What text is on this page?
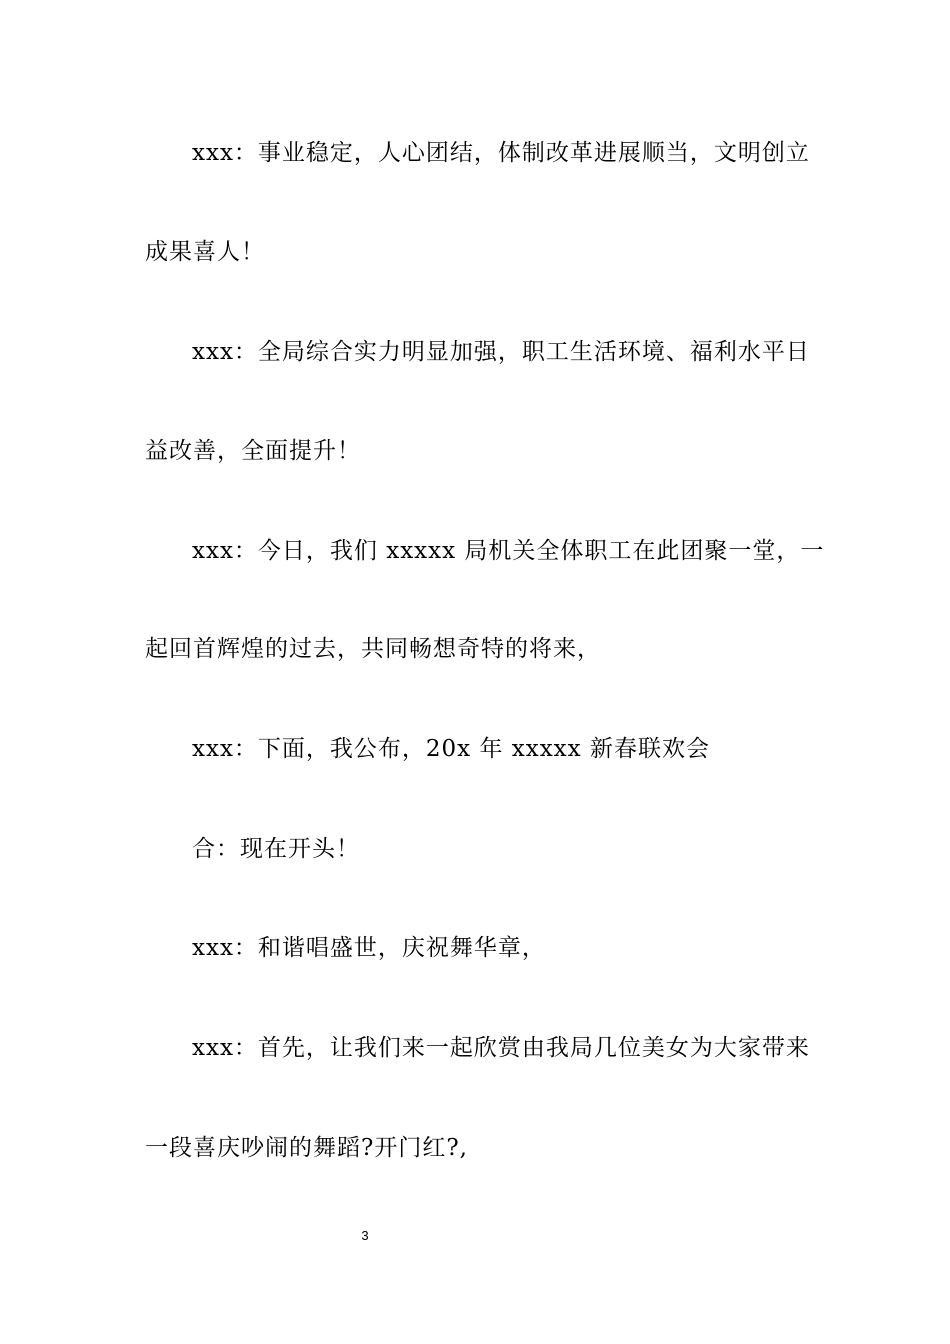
xxx：事业稳定，人心团结，体制改革进展顺当，文明创立
成果喜人！
xxx：全局综合实力明显加强，职工生活环境、福利水平日
益改善，全面提升！
xxx：今日，我们 xxxxx 局机关全体职工在此团聚一堂，一
起回首辉煌的过去，共同畅想奇特的将来，
xxx：下面，我公布，20x 年 xxxxx 新春联欢会
合：现在开头！
xxx：和谐唱盛世，庆祝舞华章，
xxx：首先，让我们来一起欣赏由我局几位美女为大家带来
一段喜庆吵闹的舞蹈?开门红?,
3
